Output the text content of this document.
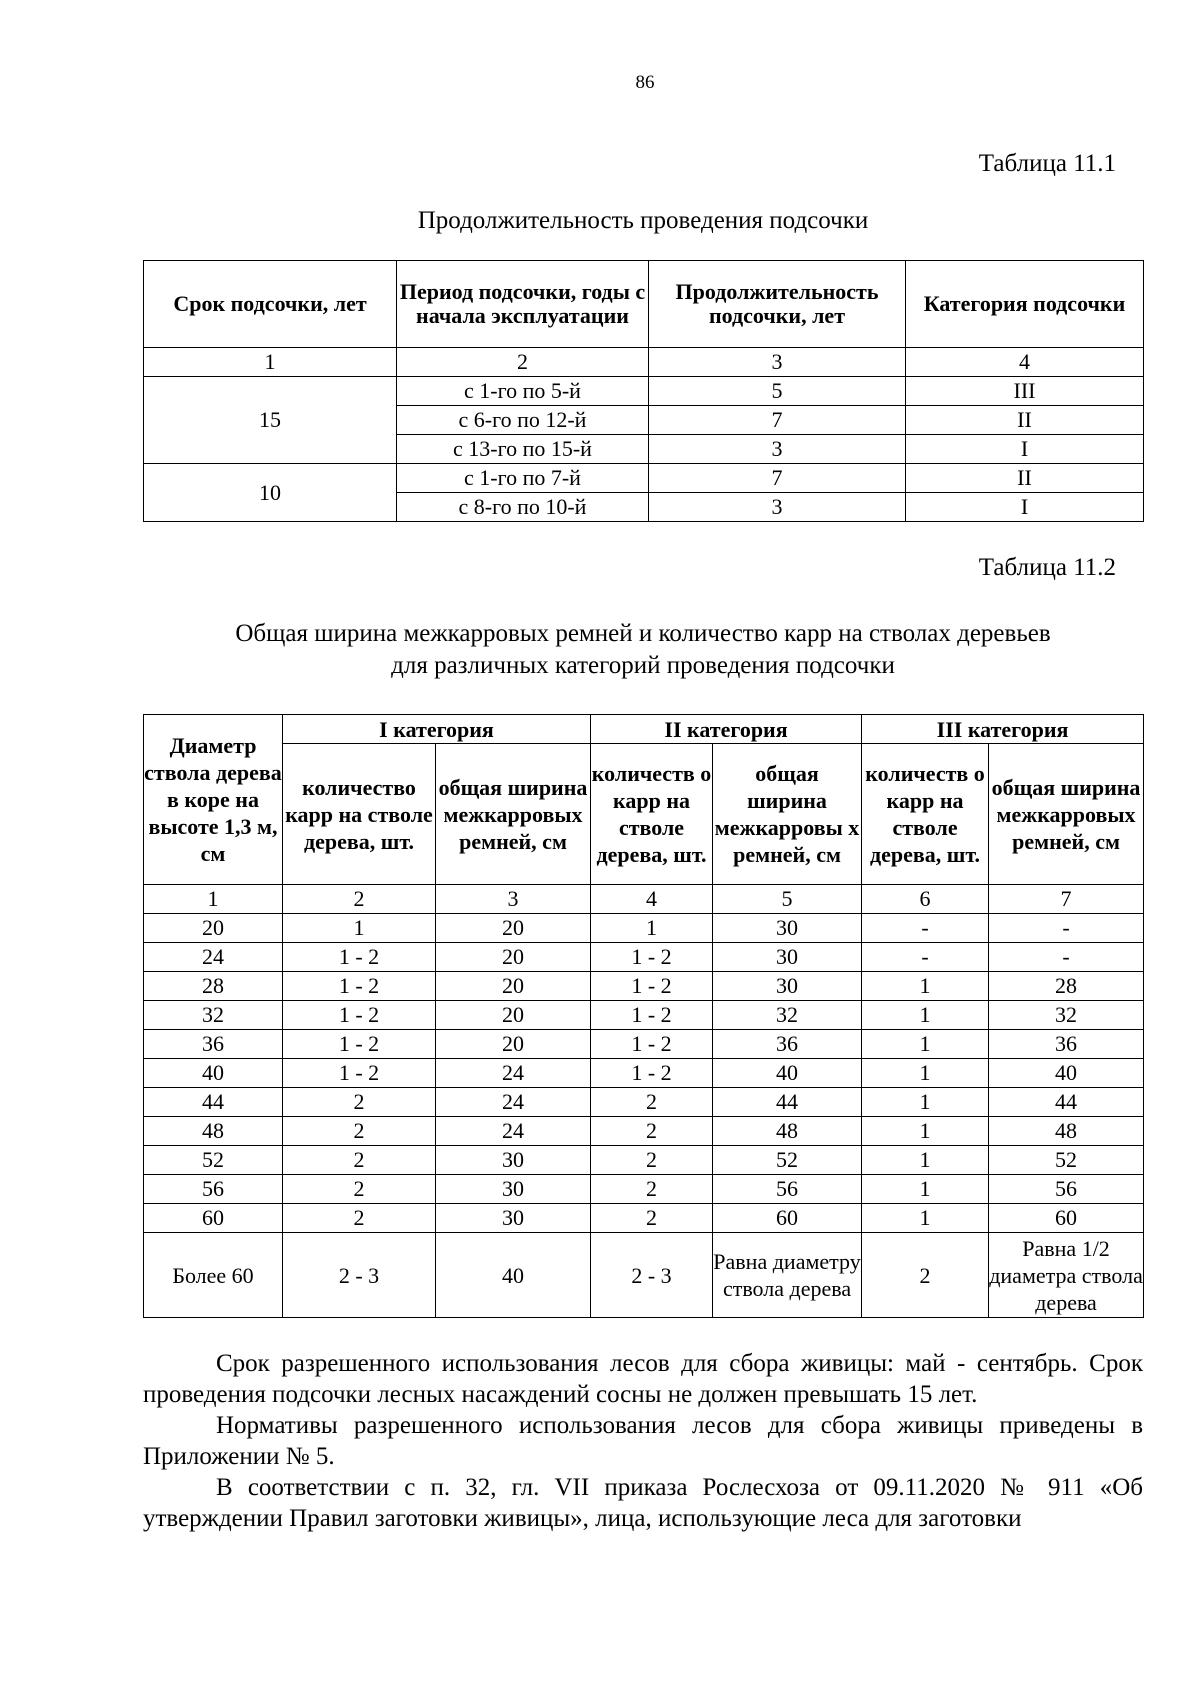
86
Таблица 11.1
Продолжительность проведения подсочки
Срок подсочки, лет	Период подсочки, годы с начала эксплуатации	Продолжительность подсочки, лет	Категория подсочки
1	2	3	4
15	с 1-го по 5-й	5	III
	с 6-го по 12-й	7	II
	с 13-го по 15-й	3	I
10	с 1-го по 7-й	7	II
	с 8-го по 10-й	3	I
Таблица 11.2
Общая ширина межкарровых ремней и количество карр на стволах деревьев
для различных категорий проведения подсочки
Диаметр ствола дерева в коре на высоте 1,3 м, см	I категория		II категория		III категория	
	количество карр на стволе дерева, шт.	общая ширина межкарровых ремней, см	количеств о карр на стволе дерева, шт.	общая ширина межкарровы х ремней, см	количеств о карр на стволе дерева, шт.	общая ширина межкарровых ремней, см
1	2	3	4	5	6	7
20	1	20	1	30	-	-
24	1 - 2	20	1 - 2	30	-	-
28	1 - 2	20	1 - 2	30	1	28
32	1 - 2	20	1 - 2	32	1	32
36	1 - 2	20	1 - 2	36	1	36
40	1 - 2	24	1 - 2	40	1	40
44	2	24	2	44	1	44
48	2	24	2	48	1	48
52	2	30	2	52	1	52
56	2	30	2	56	1	56
60	2	30	2	60	1	60
Более 60	2 - 3	40	2 - 3	Равна диаметру ствола дерева	2	Равна 1/2 диаметра ствола дерева

Срок разрешенного использования лесов для сбора живицы: май - сентябрь. Срок проведения подсочки лесных насаждений сосны не должен превышать 15 лет.

Нормативы разрешенного использования лесов для сбора живицы приведены в Приложении № 5.

В соответствии с п. 32, гл. VII приказа Рослесхоза от 09.11.2020 № 911 «Об утверждении Правил заготовки живицы», лица, использующие леса для заготовки
